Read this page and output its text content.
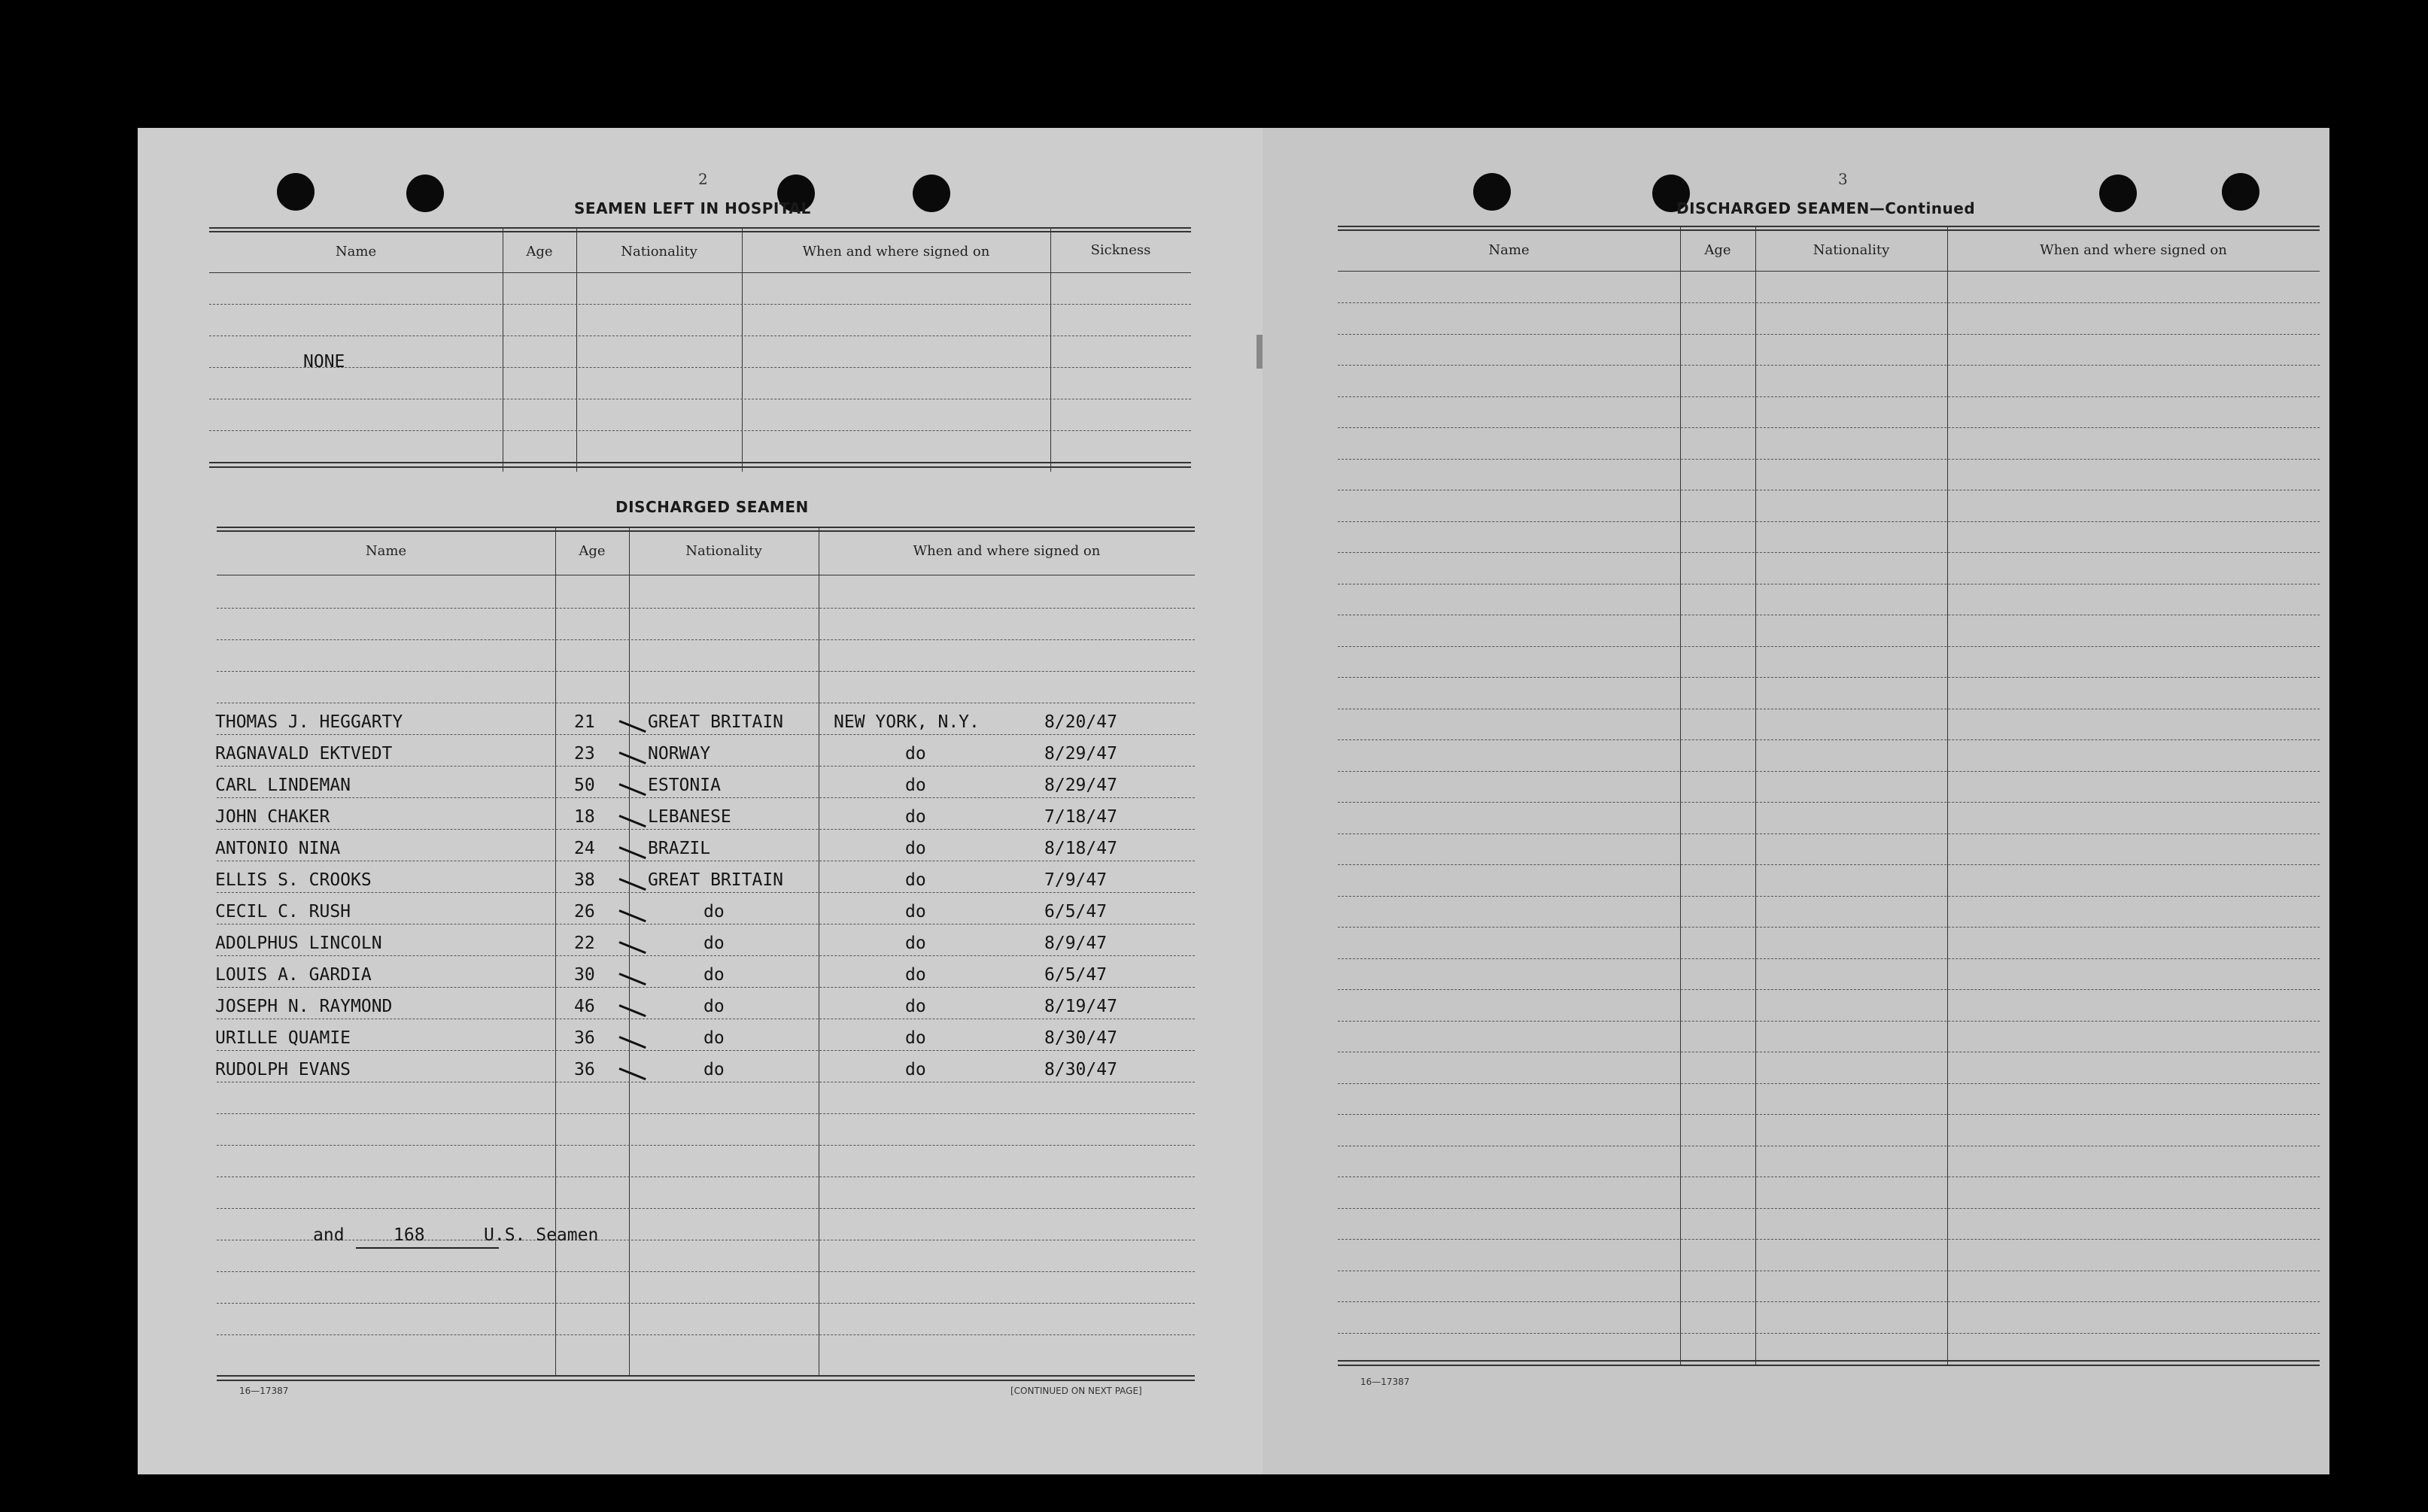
2
SEAMEN LEFT IN HOSPITAL
Name	Age	Nationality	When and where signed on	Sickness
NONE
DISCHARGED SEAMEN
Name	Age	Nationality	When and where signed on
THOMAS J. HEGGARTY	21	GREAT BRITAIN	NEW YORK, N.Y.	8/20/47
RAGNAVALD EKTVEDT	23	NORWAY	do	8/29/47
CARL LINDEMAN	50	ESTONIA	do	8/29/47
JOHN CHAKER	18	LEBANESE	do	7/18/47
ANTONIO NINA	24	BRAZIL	do	8/18/47
ELLIS S. CROOKS	38	GREAT BRITAIN	do	7/9/47
CECIL C. RUSH	26	do	do	6/5/47
ADOLPHUS LINCOLN	22	do	do	8/9/47
LOUIS A. GARDIA	30	do	do	6/5/47
JOSEPH N. RAYMOND	46	do	do	8/19/47
URILLE QUAMIE	36	do	do	8/30/47
RUDOLPH EVANS	36	do	do	8/30/47
and	168	U.S. Seamen
16—17387	[CONTINUED ON NEXT PAGE]
3
DISCHARGED SEAMEN—Continued
Name	Age	Nationality	When and where signed on
16—17387
